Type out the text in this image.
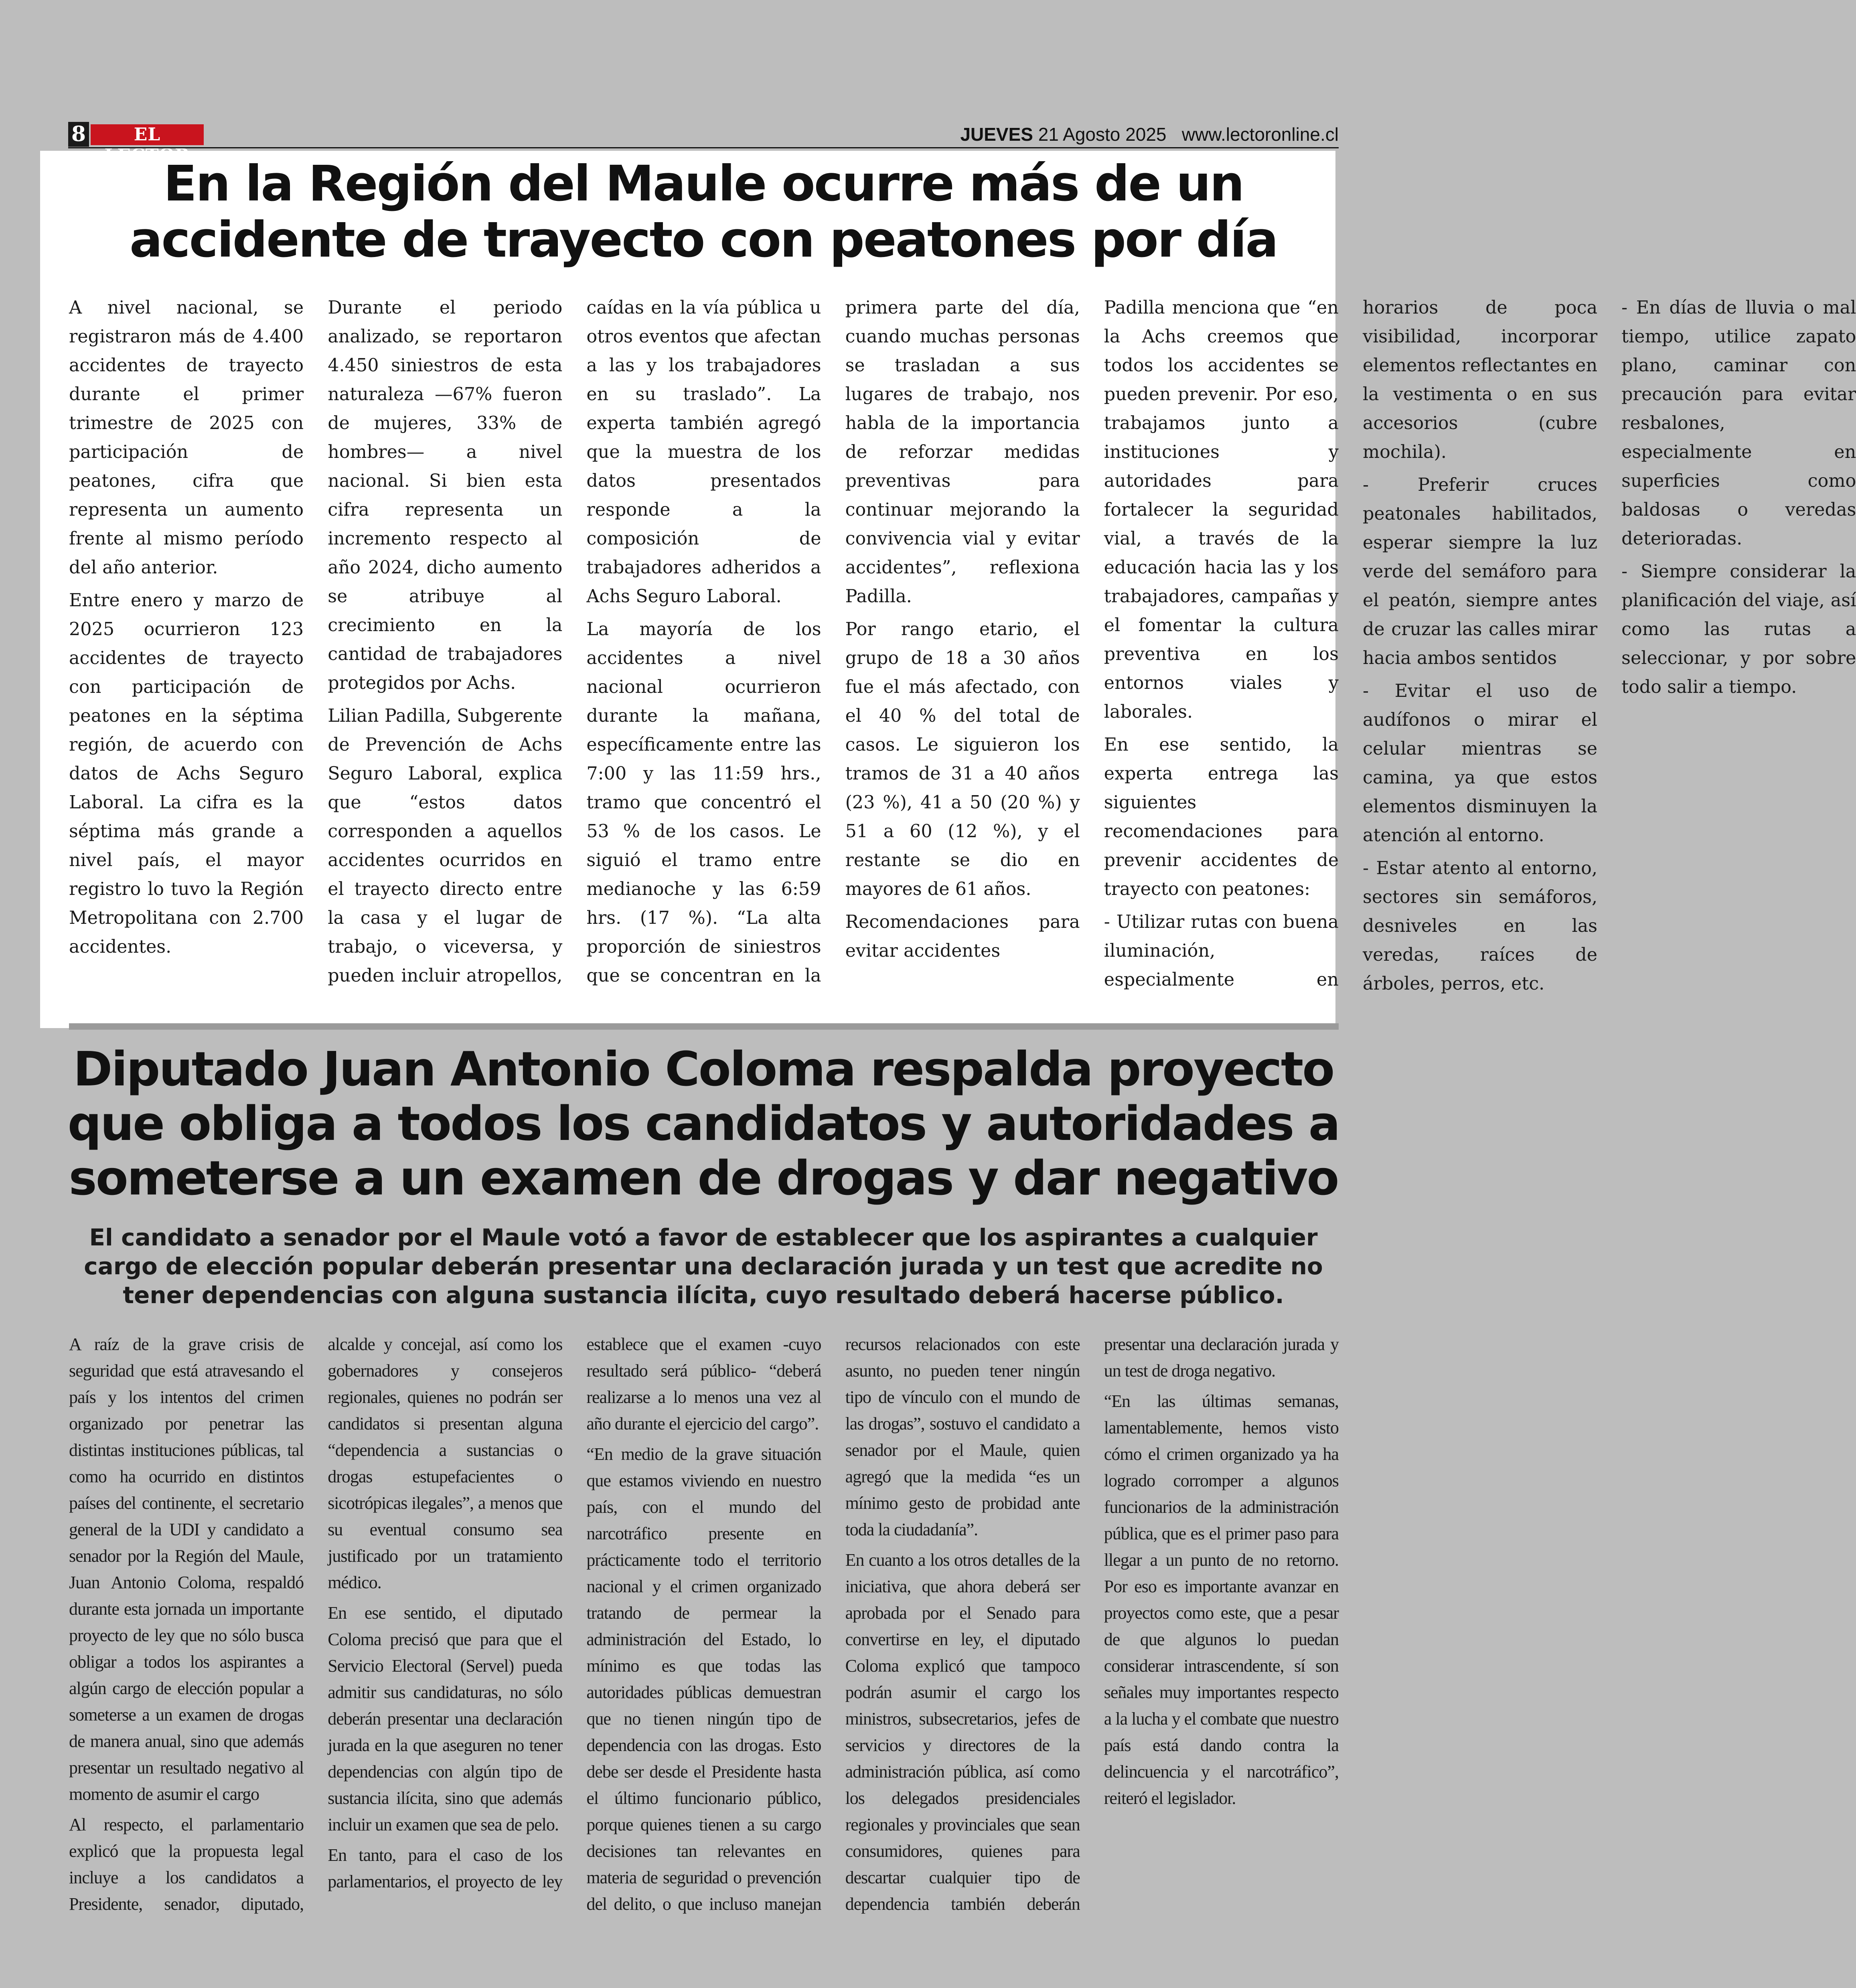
8	EL	JUEVES 21 Agosto 2025 www.lectoronline.cl
En la Región del Maule ocurre más de un accidente de trayecto con peatones por día

A nivel nacional, se registraron más de 4.400 accidentes de trayecto durante el primer trimestre de 2025 con participación de peatones, cifra que representa un aumento frente al mismo período del año anterior.

Entre enero y marzo de 2025 ocurrieron 123 accidentes de trayecto con participación de peatones en la séptima región, de acuerdo con datos de Achs Seguro Laboral. La cifra es la séptima más grande a nivel país, el mayor registro lo tuvo la Región Metropolitana con 2.700 accidentes.

Durante el periodo analizado, se reportaron 4.450 siniestros de esta naturaleza —67% fueron de mujeres, 33% de hombres— a nivel nacional. Si bien esta cifra representa un incremento respecto al año 2024, dicho aumento se atribuye al crecimiento en la cantidad de trabajadores protegidos por Achs.

Lilian Padilla, Subgerente de Prevención de Achs Seguro Laboral, explica que “estos datos corresponden a aquellos accidentes ocurridos en el trayecto directo entre la casa y el lugar de trabajo, o viceversa, y pueden incluir atropellos, caídas en la vía pública u otros eventos que afectan a las y los trabajadores en su traslado”. La experta también agregó que la muestra de los datos presentados responde a la composición de trabajadores adheridos a Achs Seguro Laboral.

La mayoría de los accidentes a nivel nacional ocurrieron durante la mañana, específicamente entre las 7:00 y las 11:59 hrs., tramo que concentró el 53 % de los casos. Le siguió el tramo entre medianoche y las 6:59 hrs. (17 %). “La alta proporción de siniestros que se concentran en la primera parte del día, cuando muchas personas se trasladan a sus lugares de trabajo, nos habla de la importancia de reforzar medidas preventivas para continuar mejorando la convivencia vial y evitar accidentes”, reflexiona Padilla.

Por rango etario, el grupo de 18 a 30 años fue el más afectado, con el 40 % del total de casos. Le siguieron los tramos de 31 a 40 años (23 %), 41 a 50 (20 %) y 51 a 60 (12 %), y el restante se dio en mayores de 61 años.

Recomendaciones para evitar accidentes

Padilla menciona que “en la Achs creemos que todos los accidentes se pueden prevenir. Por eso, trabajamos junto a instituciones y autoridades para fortalecer la seguridad vial, a través de la educación hacia las y los trabajadores, campañas y el fomentar la cultura preventiva en los entornos viales y laborales.

En ese sentido, la experta entrega las siguientes recomendaciones para prevenir accidentes de trayecto con peatones:

- Utilizar rutas con buena iluminación, especialmente en horarios de poca visibilidad, incorporar elementos reflectantes en la vestimenta o en sus accesorios (cubre mochila).

- Preferir cruces peatonales habilitados, esperar siempre la luz verde del semáforo para el peatón, siempre antes de cruzar las calles mirar hacia ambos sentidos

- Evitar el uso de audífonos o mirar el celular mientras se camina, ya que estos elementos disminuyen la atención al entorno.

- Estar atento al entorno, sectores sin semáforos, desniveles en las veredas, raíces de árboles, perros, etc.

- En días de lluvia o mal tiempo, utilice zapato plano, caminar con precaución para evitar resbalones, especialmente en superficies como baldosas o veredas deterioradas.

- Siempre considerar la planificación del viaje, así como las rutas a seleccionar, y por sobre todo salir a tiempo.

Diputado Juan Antonio Coloma respalda proyecto que obliga a todos los candidatos y autoridades a someterse a un examen de drogas y dar negativo
El candidato a senador por el Maule votó a favor de establecer que los aspirantes a cualquier cargo de elección popular deberán presentar una declaración jurada y un test que acredite no tener dependencias con alguna sustancia ilícita, cuyo resultado deberá hacerse público.

A raíz de la grave crisis de seguridad que está atravesando el país y los intentos del crimen organizado por penetrar las distintas instituciones públicas, tal como ha ocurrido en distintos países del continente, el secretario general de la UDI y candidato a senador por la Región del Maule, Juan Antonio Coloma, respaldó durante esta jornada un importante proyecto de ley que no sólo busca obligar a todos los aspirantes a algún cargo de elección popular a someterse a un examen de drogas de manera anual, sino que además presentar un resultado negativo al momento de asumir el cargo

Al respecto, el parlamentario explicó que la propuesta legal incluye a los candidatos a Presidente, senador, diputado, alcalde y concejal, así como los gobernadores y consejeros regionales, quienes no podrán ser candidatos si presentan alguna “dependencia a sustancias o drogas estupefacientes o sicotrópicas ilegales”, a menos que su eventual consumo sea justificado por un tratamiento médico.

En ese sentido, el diputado Coloma precisó que para que el Servicio Electoral (Servel) pueda admitir sus candidaturas, no sólo deberán presentar una declaración jurada en la que aseguren no tener dependencias con algún tipo de sustancia ilícita, sino que además incluir un examen que sea de pelo.

En tanto, para el caso de los parlamentarios, el proyecto de ley establece que el examen -cuyo resultado será público- “deberá realizarse a lo menos una vez al año durante el ejercicio del cargo”.

“En medio de la grave situación que estamos viviendo en nuestro país, con el mundo del narcotráfico presente en prácticamente todo el territorio nacional y el crimen organizado tratando de permear la administración del Estado, lo mínimo es que todas las autoridades públicas demuestran que no tienen ningún tipo de dependencia con las drogas. Esto debe ser desde el Presidente hasta el último funcionario público, porque quienes tienen a su cargo decisiones tan relevantes en materia de seguridad o prevención del delito, o que incluso manejan recursos relacionados con este asunto, no pueden tener ningún tipo de vínculo con el mundo de las drogas”, sostuvo el candidato a senador por el Maule, quien agregó que la medida “es un mínimo gesto de probidad ante toda la ciudadanía”.

En cuanto a los otros detalles de la iniciativa, que ahora deberá ser aprobada por el Senado para convertirse en ley, el diputado Coloma explicó que tampoco podrán asumir el cargo los ministros, subsecretarios, jefes de servicios y directores de la administración pública, así como los delegados presidenciales regionales y provinciales que sean consumidores, quienes para descartar cualquier tipo de dependencia también deberán presentar una declaración jurada y un test de droga negativo.

“En las últimas semanas, lamentablemente, hemos visto cómo el crimen organizado ya ha logrado corromper a algunos funcionarios de la administración pública, que es el primer paso para llegar a un punto de no retorno. Por eso es importante avanzar en proyectos como este, que a pesar de que algunos lo puedan considerar intrascendente, sí son señales muy importantes respecto a la lucha y el combate que nuestro país está dando contra la delincuencia y el narcotráfico”, reiteró el legislador.
